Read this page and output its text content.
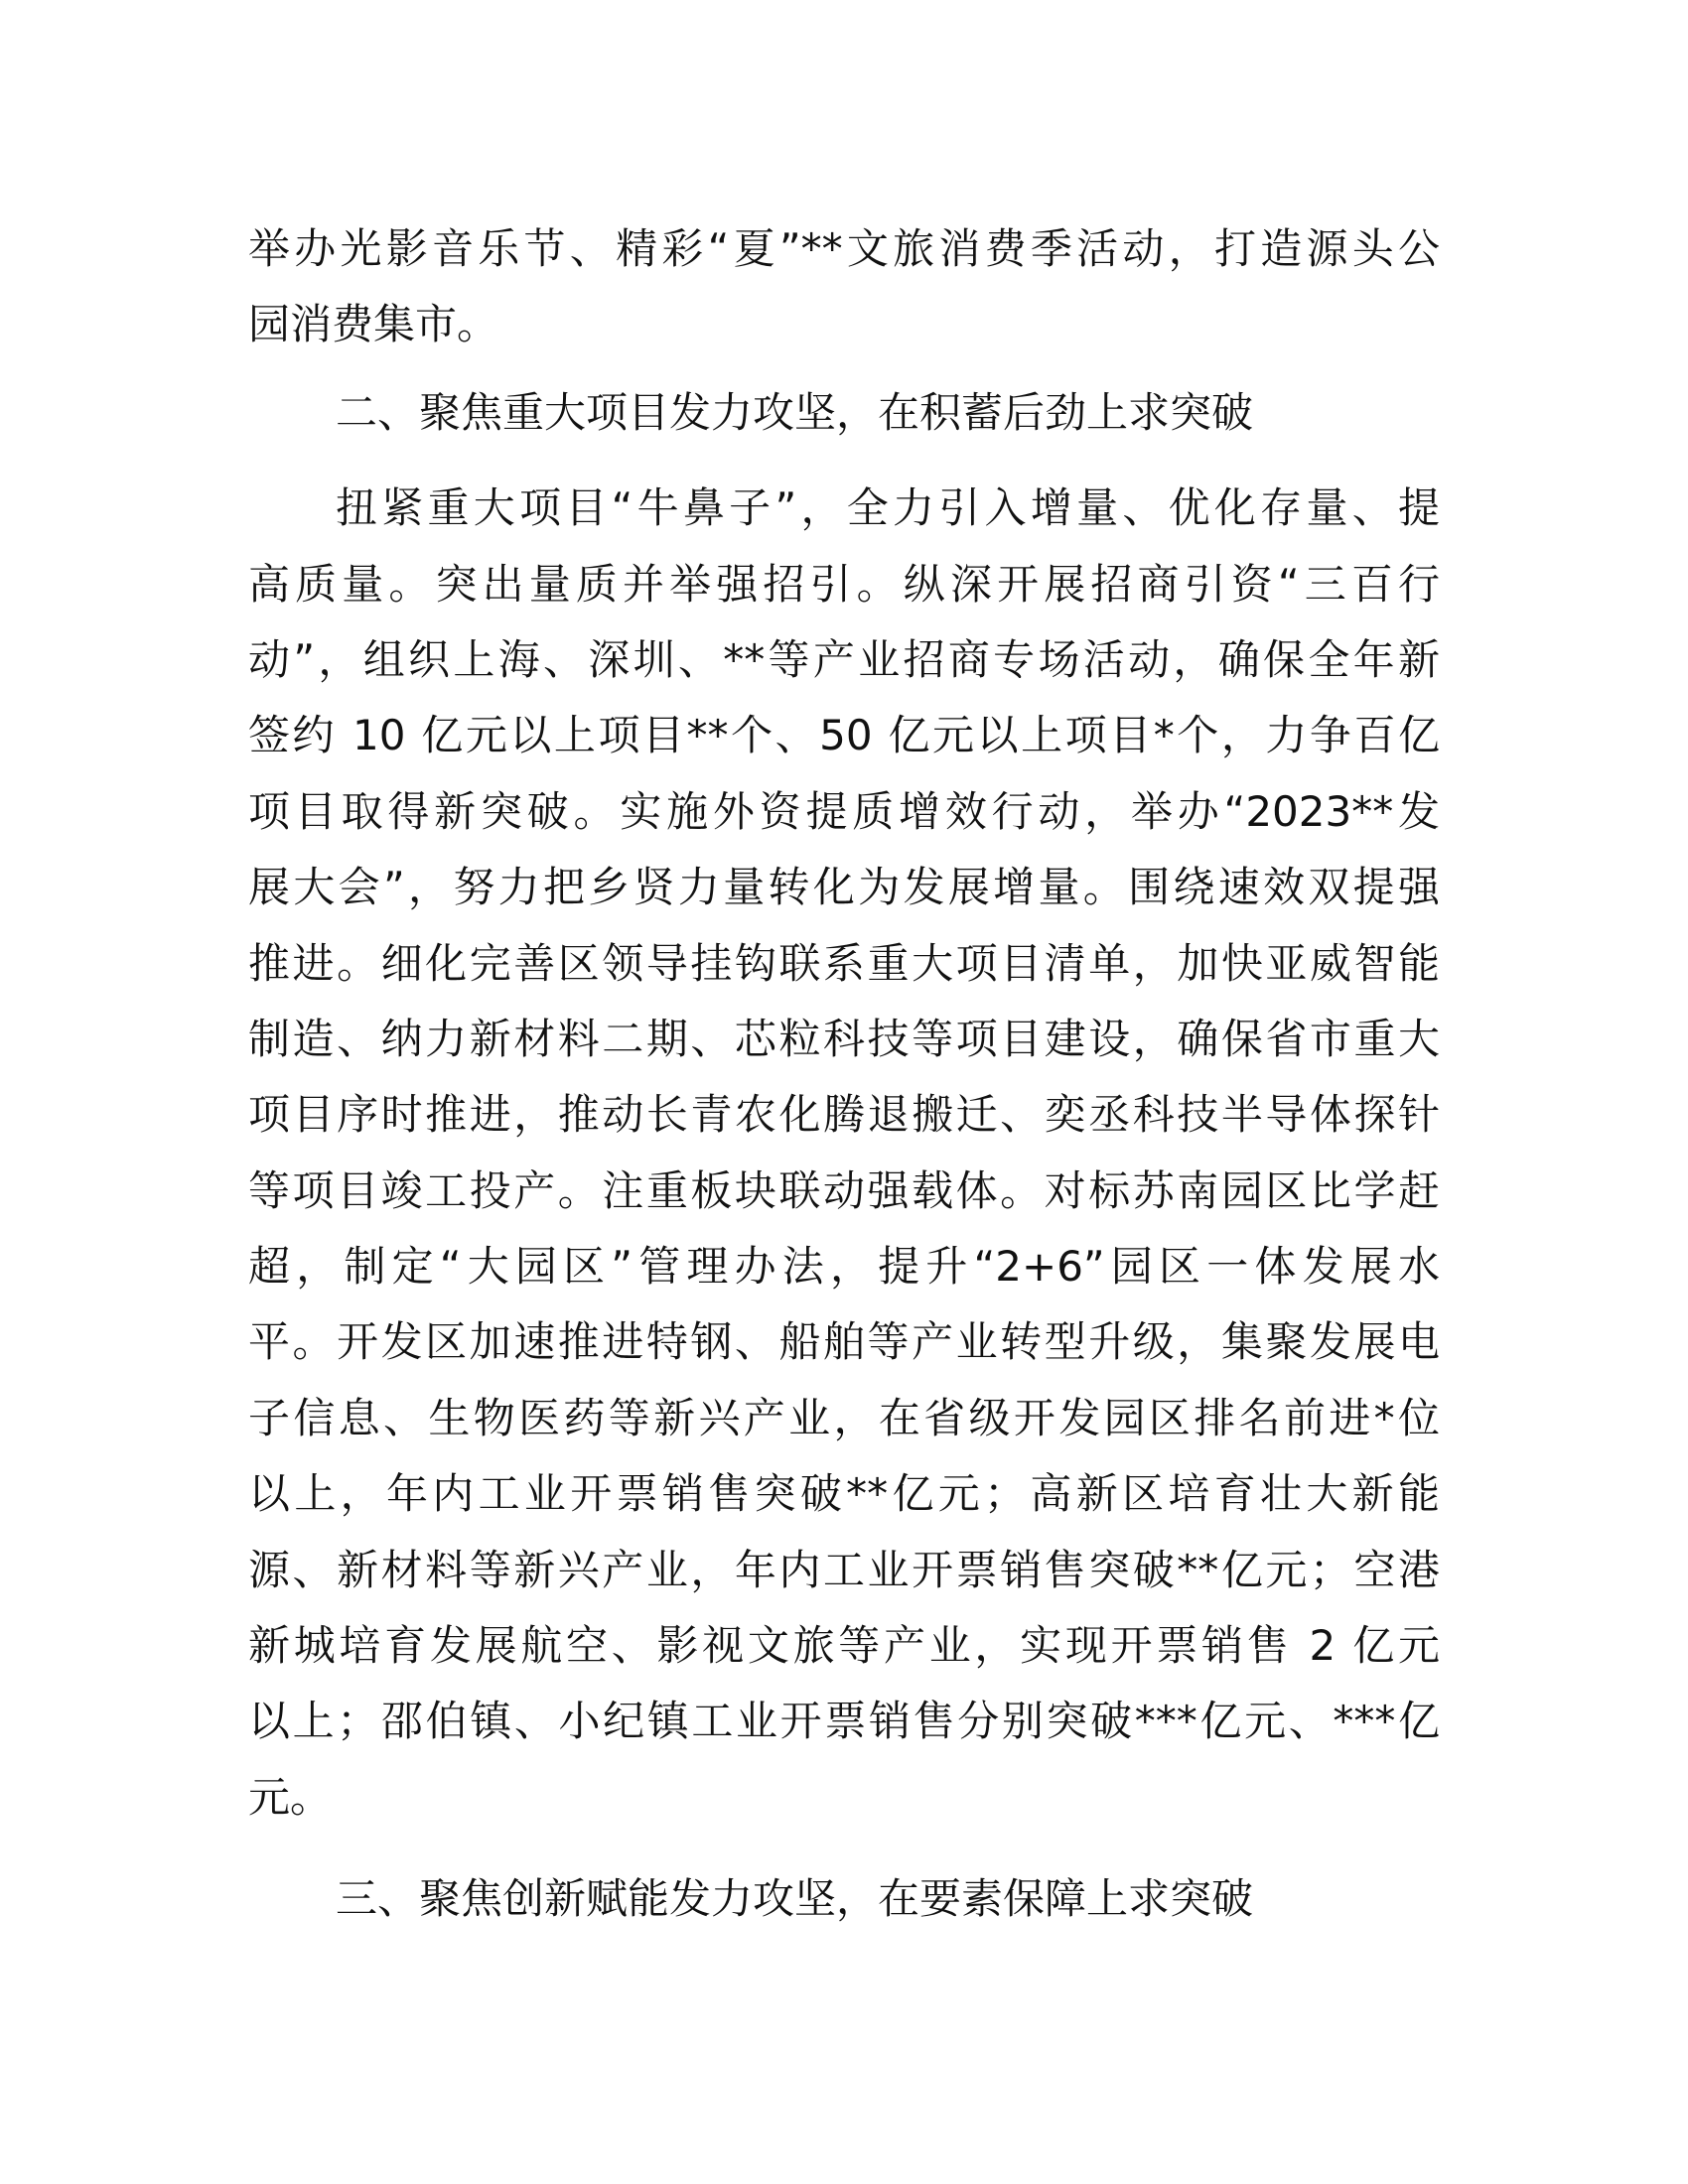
举办光影音乐节、精彩“夏”**文旅消费季活动，打造源头公
园消费集市。
二、聚焦重大项目发力攻坚，在积蓄后劲上求突破
扭紧重大项目“牛鼻子”，全力引入增量、优化存量、提
高质量。突出量质并举强招引。纵深开展招商引资“三百行
动”，组织上海、深圳、**等产业招商专场活动，确保全年新
签约 10 亿元以上项目**个、50 亿元以上项目*个，力争百亿
项目取得新突破。实施外资提质增效行动，举办“2023**发
展大会”，努力把乡贤力量转化为发展增量。围绕速效双提强
推进。细化完善区领导挂钩联系重大项目清单，加快亚威智能
制造、纳力新材料二期、芯粒科技等项目建设，确保省市重大
项目序时推进，推动长青农化腾退搬迁、奕丞科技半导体探针
等项目竣工投产。注重板块联动强载体。对标苏南园区比学赶
超，制定“大园区”管理办法，提升“2+6”园区一体发展水
平。开发区加速推进特钢、船舶等产业转型升级，集聚发展电
子信息、生物医药等新兴产业，在省级开发园区排名前进*位
以上，年内工业开票销售突破**亿元；高新区培育壮大新能
源、新材料等新兴产业，年内工业开票销售突破**亿元；空港
新城培育发展航空、影视文旅等产业，实现开票销售 2 亿元
以上；邵伯镇、小纪镇工业开票销售分别突破***亿元、***亿
元。
三、聚焦创新赋能发力攻坚，在要素保障上求突破
